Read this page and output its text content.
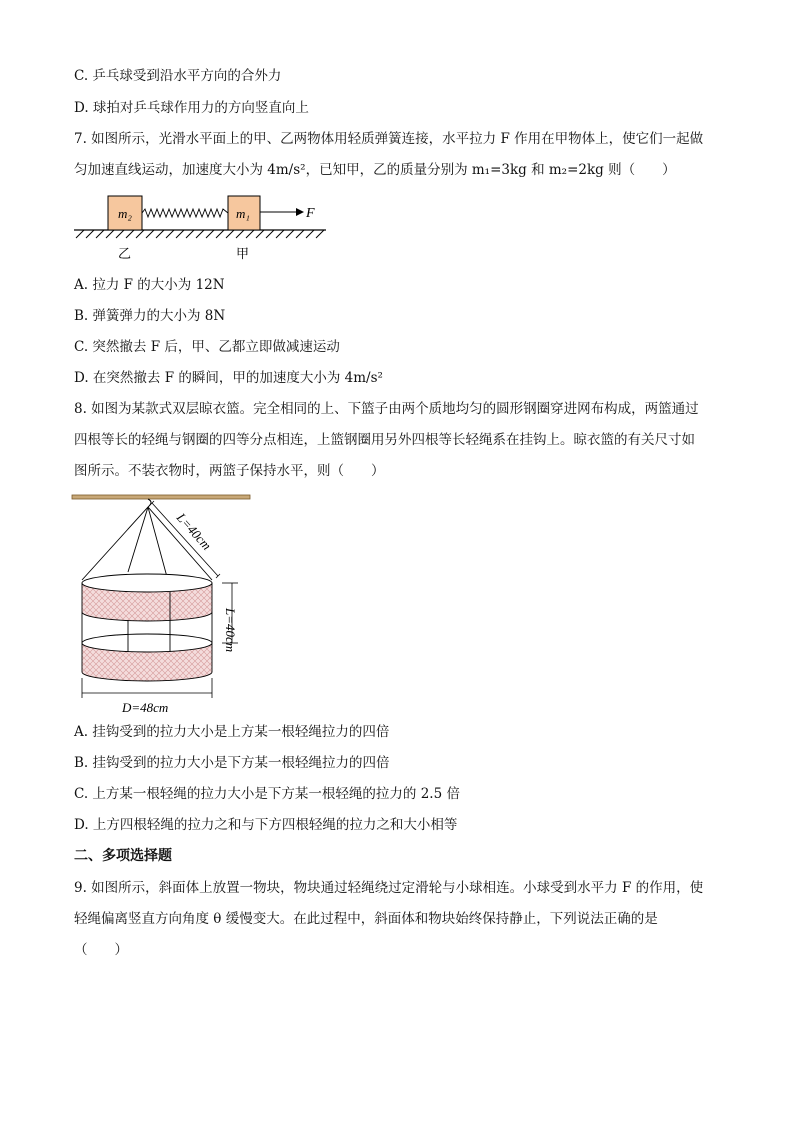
C. 乒乓球受到沿水平方向的合外力
D. 球拍对乒乓球作用力的方向竖直向上
7. 如图所示，光滑水平面上的甲、乙两物体用轻质弹簧连接，水平拉力 F 作用在甲物体上，使它们一起做
匀加速直线运动，加速度大小为 4m/s²，已知甲，乙的质量分别为 m₁=3kg 和 m₂=2kg 则（　　）
m₂	m₁	F
乙	甲
A. 拉力 F 的大小为 12N
B. 弹簧弹力的大小为 8N
C. 突然撤去 F 后，甲、乙都立即做减速运动
D. 在突然撤去 F 的瞬间，甲的加速度大小为 4m/s²
8. 如图为某款式双层晾衣篮。完全相同的上、下篮子由两个质地均匀的圆形钢圈穿进网布构成，两篮通过
四根等长的轻绳与钢圈的四等分点相连，上篮钢圈用另外四根等长轻绳系在挂钩上。晾衣篮的有关尺寸如
图所示。不装衣物时，两篮子保持水平，则（　　）
L=40cm
L=40cm
D=48cm
A. 挂钩受到的拉力大小是上方某一根轻绳拉力的四倍
B. 挂钩受到的拉力大小是下方某一根轻绳拉力的四倍
C. 上方某一根轻绳的拉力大小是下方某一根轻绳的拉力的 2.5 倍
D. 上方四根轻绳的拉力之和与下方四根轻绳的拉力之和大小相等
二、多项选择题
9. 如图所示，斜面体上放置一物块，物块通过轻绳绕过定滑轮与小球相连。小球受到水平力 F 的作用，使
轻绳偏离竖直方向角度 θ 缓慢变大。在此过程中，斜面体和物块始终保持静止，下列说法正确的是
（　　）
